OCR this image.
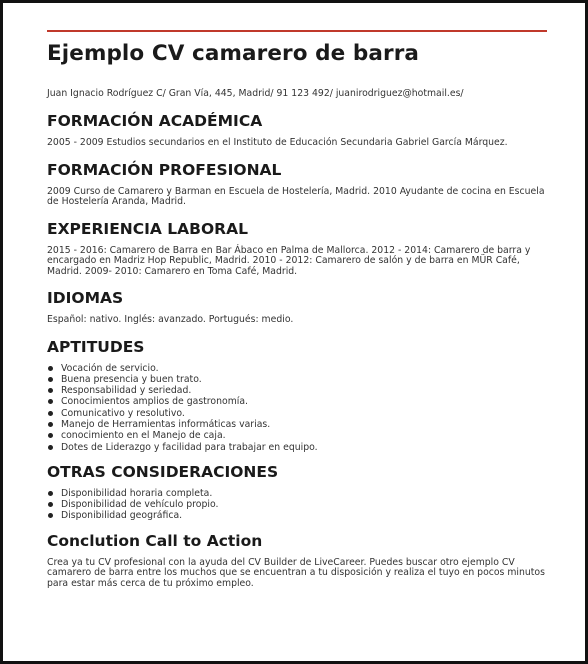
Ejemplo CV camarero de barra

Juan Ignacio Rodríguez C/ Gran Vía, 445, Madrid/ 91 123 492/ juanirodriguez@hotmail.es/

FORMACIÓN ACADÉMICA

2005 - 2009 Estudios secundarios en el Instituto de Educación Secundaria Gabriel García Márquez.

FORMACIÓN PROFESIONAL

2009 Curso de Camarero y Barman en Escuela de Hostelería, Madrid. 2010 Ayudante de cocina en Escuela de Hostelería Aranda, Madrid.

EXPERIENCIA LABORAL

2015 - 2016: Camarero de Barra en Bar Ábaco en Palma de Mallorca. 2012 - 2014: Camarero de barra y encargado en Madriz Hop Republic, Madrid. 2010 - 2012: Camarero de salón y de barra en MÜR Café, Madrid. 2009- 2010: Camarero en Toma Café, Madrid.

IDIOMAS

Español: nativo. Inglés: avanzado. Portugués: medio.

APTITUDES
Vocación de servicio.
Buena presencia y buen trato.
Responsabilidad y seriedad.
Conocimientos amplios de gastronomía.
Comunicativo y resolutivo.
Manejo de Herramientas informáticas varias.
conocimiento en el Manejo de caja.
Dotes de Liderazgo y facilidad para trabajar en equipo.
OTRAS CONSIDERACIONES
Disponibilidad horaria completa.
Disponibilidad de vehículo propio.
Disponibilidad geográfica.
Conclution Call to Action

Crea ya tu CV profesional con la ayuda del CV Builder de LiveCareer. Puedes buscar otro ejemplo CV camarero de barra entre los muchos que se encuentran a tu disposición y realiza el tuyo en pocos minutos para estar más cerca de tu próximo empleo.
